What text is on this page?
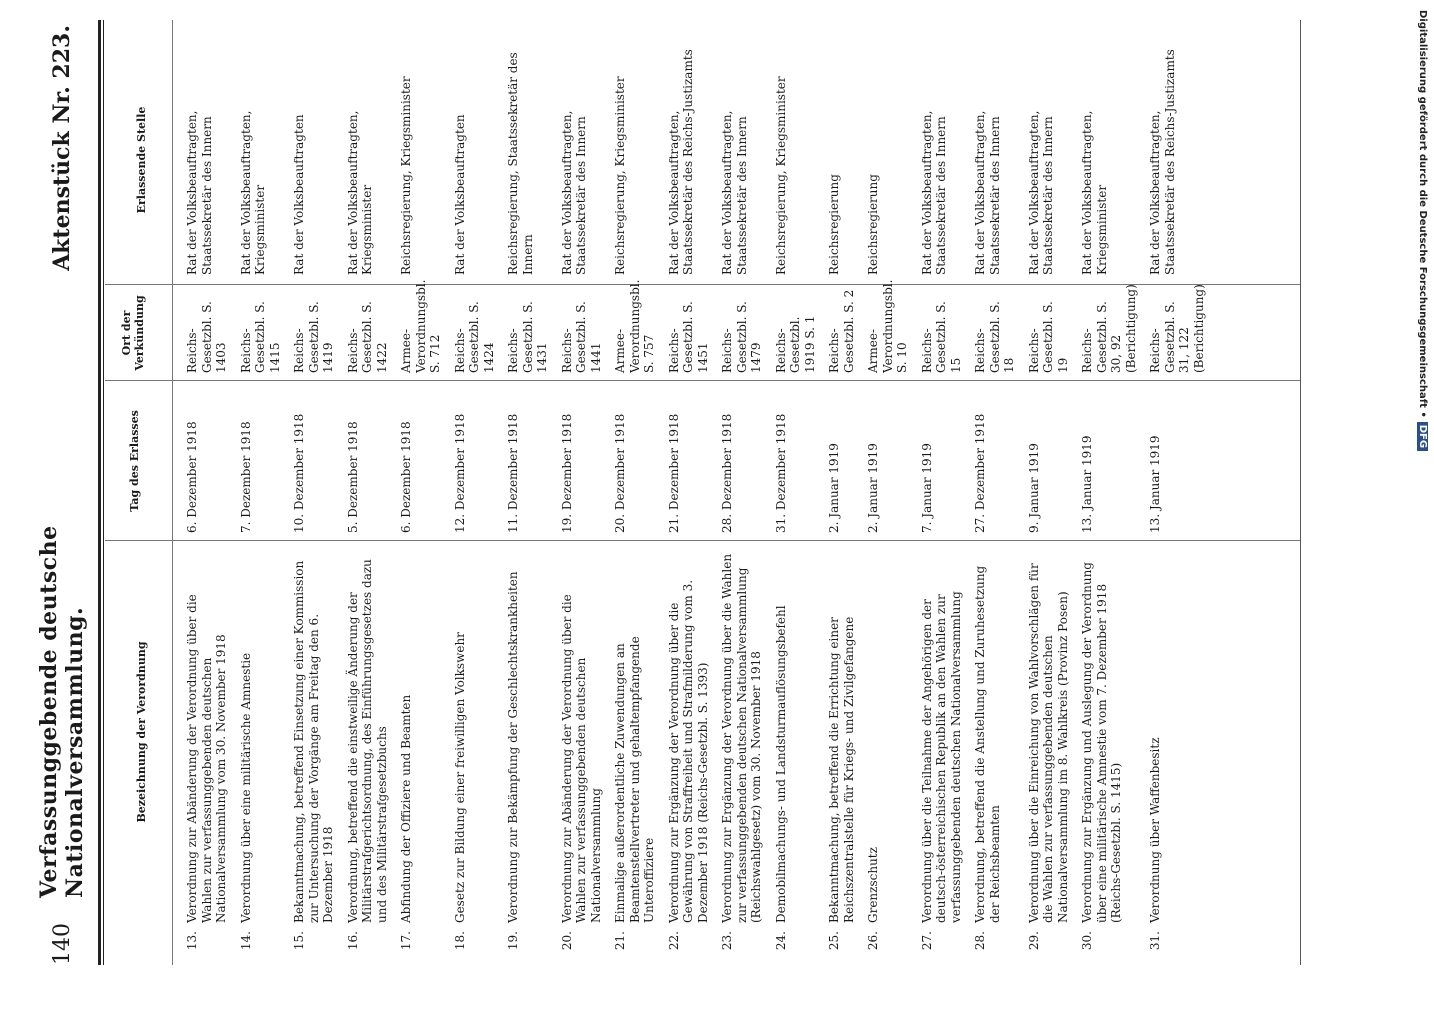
140
Verfassunggebende deutsche Nationalversammlung.
Aktenstück Nr. 223.
Bezeichnung der Verordnung
Tag des Erlasses
Ort der Verkündung
Erlassende Stelle
13.
Verordnung zur Abänderung der Verordnung über die Wahlen zur verfassunggebenden deutschen Nationalversammlung vom 30. November 1918
6. Dezember 1918
Reichs-Gesetzbl. S. 1403
Rat der Volksbeauftragten, Staatssekretär des Innern
14.
Verordnung über eine militärische Amnestie
7. Dezember 1918
Reichs-Gesetzbl. S. 1415
Rat der Volksbeauftragten, Kriegsminister
15.
Bekanntmachung, betreffend Einsetzung einer Kommission zur Untersuchung der Vorgänge am Freitag den 6. Dezember 1918
10. Dezember 1918
Reichs-Gesetzbl. S. 1419
Rat der Volksbeauftragten
16.
Verordnung, betreffend die einstweilige Änderung der Militärstrafgerichtsordnung, des Einführungsgesetzes dazu und des Militärstrafgesetzbuchs
5. Dezember 1918
Reichs-Gesetzbl. S. 1422
Rat der Volksbeauftragten, Kriegsminister
17.
Abfindung der Offiziere und Beamten
6. Dezember 1918
Armee-Verordnungsbl. S. 712
Reichsregierung, Kriegsminister
18.
Gesetz zur Bildung einer freiwilligen Volkswehr
12. Dezember 1918
Reichs-Gesetzbl. S. 1424
Rat der Volksbeauftragten
19.
Verordnung zur Bekämpfung der Geschlechtskrankheiten
11. Dezember 1918
Reichs-Gesetzbl. S. 1431
Reichsregierung, Staatssekretär des Innern
20.
Verordnung zur Abänderung der Verordnung über die Wahlen zur verfassunggebenden deutschen Nationalversammlung
19. Dezember 1918
Reichs-Gesetzbl. S. 1441
Rat der Volksbeauftragten, Staatssekretär des Innern
21.
Einmalige außerordentliche Zuwendungen an Beamtenstellvertreter und gehaltempfangende Unteroffiziere
20. Dezember 1918
Armee-Verordnungsbl. S. 757
Reichsregierung, Kriegsminister
22.
Verordnung zur Ergänzung der Verordnung über die Gewährung von Straffreiheit und Strafmilderung vom 3. Dezember 1918 (Reichs-Gesetzbl. S. 1393)
21. Dezember 1918
Reichs-Gesetzbl. S. 1451
Rat der Volksbeauftragten, Staatssekretär des Reichs-Justizamts
23.
Verordnung zur Ergänzung der Verordnung über die Wahlen zur verfassunggebenden deutschen Nationalversammlung (Reichswahlgesetz) vom 30. November 1918
28. Dezember 1918
Reichs-Gesetzbl. S. 1479
Rat der Volksbeauftragten, Staatssekretär des Innern
24.
Demobilmachungs- und Landsturmauflösungsbefehl
31. Dezember 1918
Reichs-Gesetzbl. 1919 S. 1
Reichsregierung, Kriegsminister
25.
Bekanntmachung, betreffend die Errichtung einer Reichszentralstelle für Kriegs- und Zivilgefangene
2. Januar 1919
Reichs-Gesetzbl. S. 2
Reichsregierung
26.
Grenzschutz
2. Januar 1919
Armee-Verordnungsbl. S. 10
Reichsregierung
27.
Verordnung über die Teilnahme der Angehörigen der deutsch-österreichischen Republik an den Wahlen zur verfassunggebenden deutschen Nationalversammlung
7. Januar 1919
Reichs-Gesetzbl. S. 15
Rat der Volksbeauftragten, Staatssekretär des Innern
28.
Verordnung, betreffend die Anstellung und Zuruhesetzung der Reichsbeamten
27. Dezember 1918
Reichs-Gesetzbl. S. 18
Rat der Volksbeauftragten, Staatssekretär des Innern
29.
Verordnung über die Einreichung von Wahlvorschlägen für die Wahlen zur verfassunggebenden deutschen Nationalversammlung im 8. Wahlkreis (Provinz Posen)
9. Januar 1919
Reichs-Gesetzbl. S. 19
Rat der Volksbeauftragten, Staatssekretär des Innern
30.
Verordnung zur Ergänzung und Auslegung der Verordnung über eine militärische Amnestie vom 7. Dezember 1918 (Reichs-Gesetzbl. S. 1415)
13. Januar 1919
Reichs-Gesetzbl. S. 30, 92 (Berichtigung)
Rat der Volksbeauftragten, Kriegsminister
31.
Verordnung über Waffenbesitz
13. Januar 1919
Reichs-Gesetzbl. S. 31, 122 (Berichtigung)
Rat der Volksbeauftragten, Staatssekretär des Reichs-Justizamts	Digitalisierung gefördert durch die Deutsche Forschungsgemeinschaft •DFG
